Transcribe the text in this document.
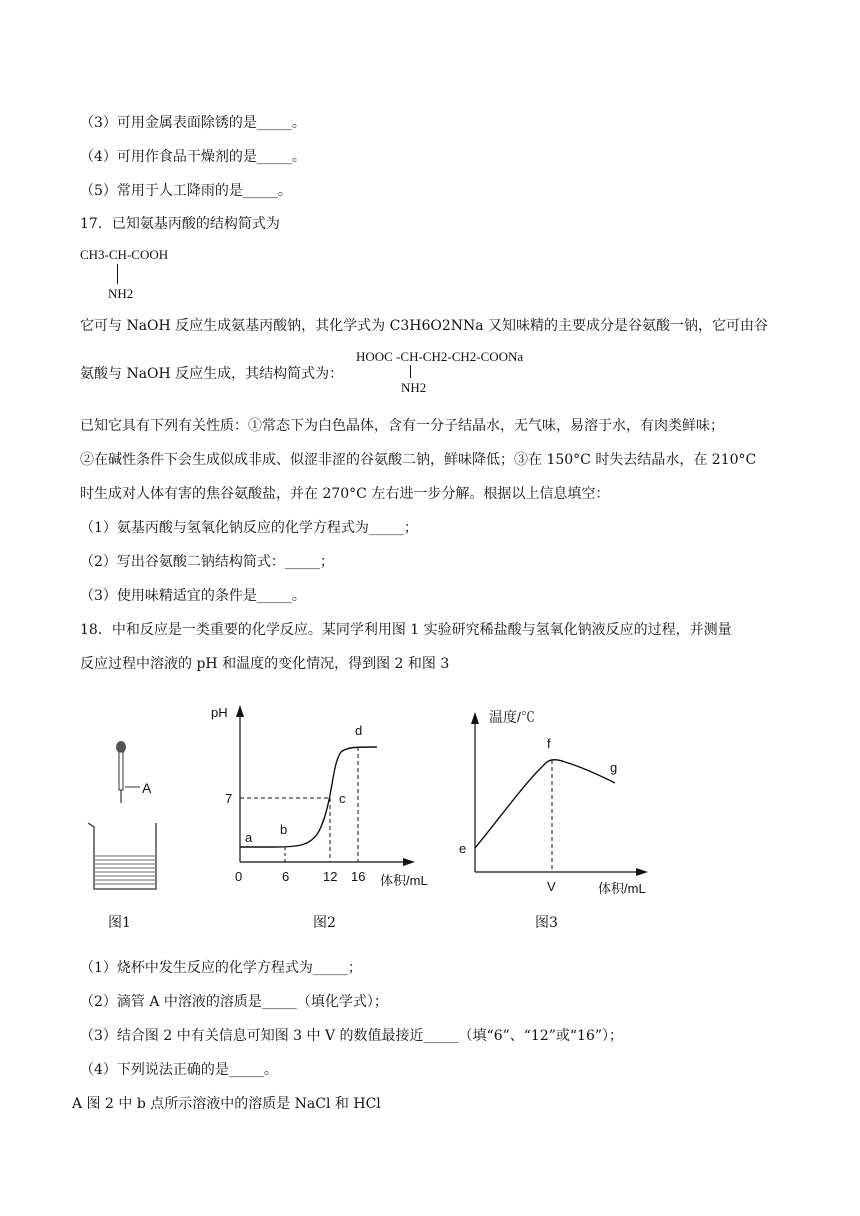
（3）可用金属表面除锈的是_____。
（4）可用作食品干燥剂的是_____。
（5）常用于人工降雨的是_____。
17．已知氨基丙酸的结构简式为
CH3-CH-COOH
NH2
它可与 NaOH 反应生成氨基丙酸钠，其化学式为 C3H6O2NNa 又知味精的主要成分是谷氨酸一钠，它可由谷
氨酸与 NaOH 反应生成，其结构简式为：
HOOC -CH-CH2-CH2-COONa
NH2
已知它具有下列有关性质：①常态下为白色晶体，含有一分子结晶水，无气味，易溶于水，有肉类鲜味；
②在碱性条件下会生成似成非成、似涩非涩的谷氨酸二钠，鲜味降低；③在 150°C 时失去结晶水，在 210°C
时生成对人体有害的焦谷氨酸盐，并在 270°C 左右进一步分解。根据以上信息填空：
（1）氨基丙酸与氢氧化钠反应的化学方程式为_____；
（2）写出谷氨酸二钠结构简式：_____；
（3）使用味精适宜的条件是_____。
18．中和反应是一类重要的化学反应。某同学利用图 1 实验研究稀盐酸与氢氧化钠液反应的过程，并测量
反应过程中溶液的 pH 和温度的变化情况，得到图 2 和图 3
A
图1
pH
体积/mL
7
0	6	12 16
a
b
c
d
图2
温度/℃
体积/mL
V
e
f
g
图3
（1）烧杯中发生反应的化学方程式为_____；
（2）滴管 A 中溶液的溶质是_____（填化学式）；
（3）结合图 2 中有关信息可知图 3 中 V 的数值最接近_____（填“6”、“12”或“16”）；
（4）下列说法正确的是_____。
A 图 2 中 b 点所示溶液中的溶质是 NaCl 和 HCl
